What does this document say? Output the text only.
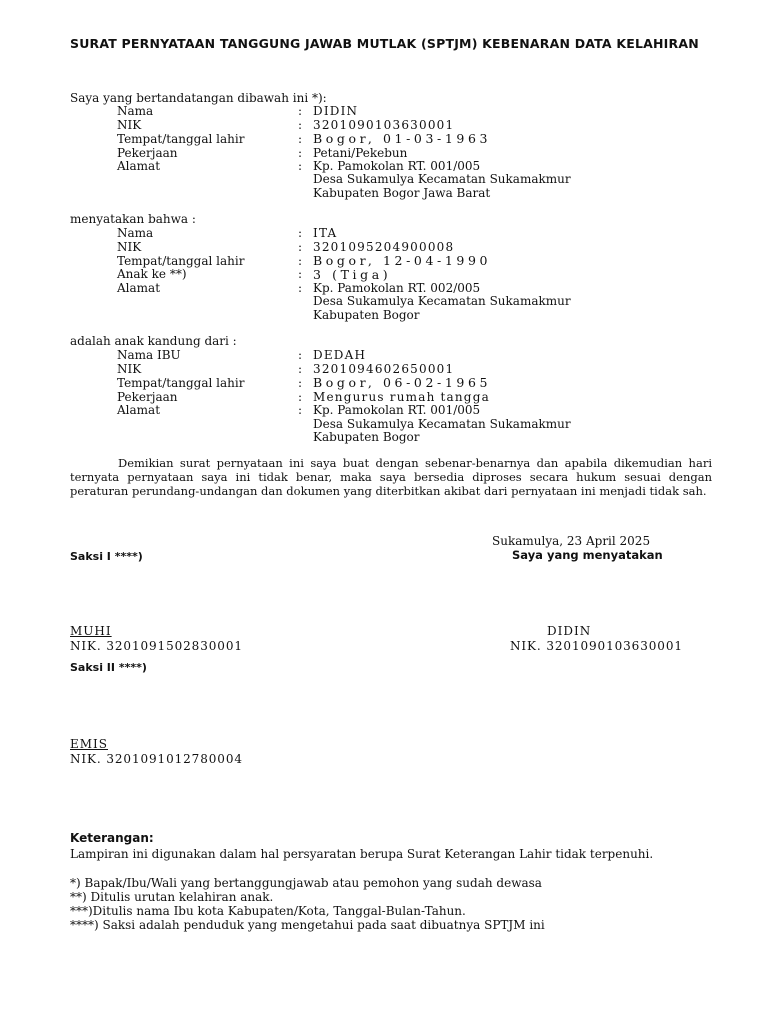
SURAT PERNYATAAN TANGGUNG JAWAB MUTLAK (SPTJM) KEBENARAN DATA KELAHIRAN
Saya yang bertandatangan dibawah ini *):
Nama	: DIDIN
NIK	: 3201090103630001
Tempat/tanggal lahir	: Bogor, 01-03-1963
Pekerjaan	: Petani/Pekebun
Alamat	: Kp. Pamokolan RT. 001/005
Desa Sukamulya Kecamatan Sukamakmur
Kabupaten Bogor Jawa Barat
menyatakan bahwa :
Nama	: ITA
NIK	: 3201095204900008
Tempat/tanggal lahir	: Bogor, 12-04-1990
Anak ke **)	: 3 (Tiga)
Alamat	: Kp. Pamokolan RT. 002/005
Desa Sukamulya Kecamatan Sukamakmur
Kabupaten Bogor
adalah anak kandung dari :
Nama IBU	: DEDAH
NIK	: 3201094602650001
Tempat/tanggal lahir	: Bogor, 06-02-1965
Pekerjaan	: Mengurus rumah tangga
Alamat	: Kp. Pamokolan RT. 001/005
Desa Sukamulya Kecamatan Sukamakmur
Kabupaten Bogor
Demikian surat pernyataan ini saya buat dengan sebenar-benarnya dan apabila dikemudian hari ternyata pernyataan saya ini tidak benar, maka saya bersedia diproses secara hukum sesuai dengan peraturan perundang-undangan dan dokumen yang diterbitkan akibat dari pernyataan ini menjadi tidak sah.
Sukamulya, 23 April 2025
Saksi I ****)	Saya yang menyatakan
MUHI	DIDIN
NIK. 3201091502830001	NIK. 3201090103630001
Saksi II ****)
EMIS
NIK. 3201091012780004
Keterangan:
Lampiran ini digunakan dalam hal persyaratan berupa Surat Keterangan Lahir tidak terpenuhi.
*) Bapak/Ibu/Wali yang bertanggungjawab atau pemohon yang sudah dewasa
**) Ditulis urutan kelahiran anak.
***)Ditulis nama Ibu kota Kabupaten/Kota, Tanggal-Bulan-Tahun.
****) Saksi adalah penduduk yang mengetahui pada saat dibuatnya SPTJM ini
